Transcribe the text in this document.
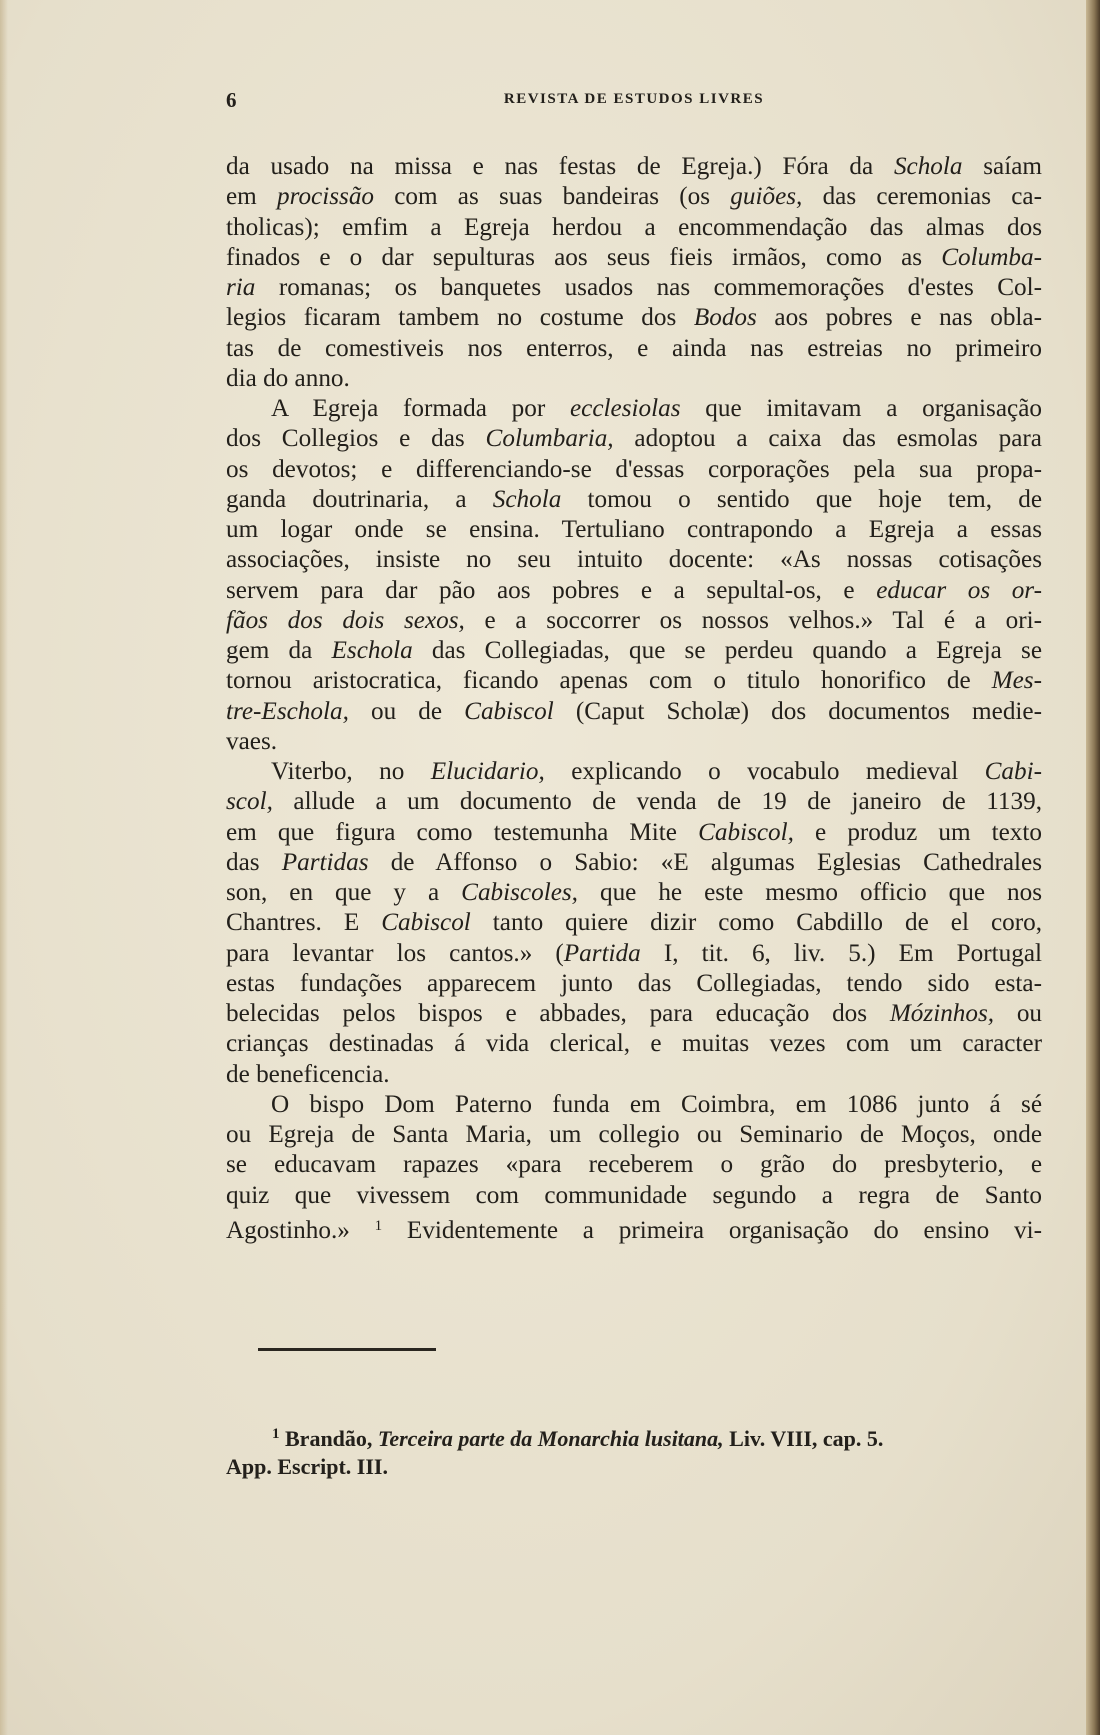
6	REVISTA DE ESTUDOS LIVRES
da usado na missa e nas festas de Egreja.) Fóra da Schola saíam
em procissão com as suas bandeiras (os guiões, das ceremonias ca-
tholicas); emfim a Egreja herdou a encommendação das almas dos
finados e o dar sepulturas aos seus fieis irmãos, como as Columba-
ria romanas; os banquetes usados nas commemorações d'estes Col-
legios ficaram tambem no costume dos Bodos aos pobres e nas obla-
tas de comestiveis nos enterros, e ainda nas estreias no primeiro
dia do anno.
A Egreja formada por ecclesiolas que imitavam a organisação
dos Collegios e das Columbaria, adoptou a caixa das esmolas para
os devotos; e differenciando-se d'essas corporações pela sua propa-
ganda doutrinaria, a Schola tomou o sentido que hoje tem, de
um logar onde se ensina. Tertuliano contrapondo a Egreja a essas
associações, insiste no seu intuito docente: «As nossas cotisações
servem para dar pão aos pobres e a sepultal-os, e educar os or-
fãos dos dois sexos, e a soccorrer os nossos velhos.» Tal é a ori-
gem da Eschola das Collegiadas, que se perdeu quando a Egreja se
tornou aristocratica, ficando apenas com o titulo honorifico de Mes-
tre-Eschola, ou de Cabiscol (Caput Scholæ) dos documentos medie-
vaes.
Viterbo, no Elucidario, explicando o vocabulo medieval Cabi-
scol, allude a um documento de venda de 19 de janeiro de 1139,
em que figura como testemunha Mite Cabiscol, e produz um texto
das Partidas de Affonso o Sabio: «E algumas Eglesias Cathedrales
son, en que y a Cabiscoles, que he este mesmo officio que nos
Chantres. E Cabiscol tanto quiere dizir como Cabdillo de el coro,
para levantar los cantos.» (Partida I, tit. 6, liv. 5.) Em Portugal
estas fundações apparecem junto das Collegiadas, tendo sido esta-
belecidas pelos bispos e abbades, para educação dos Mózinhos, ou
crianças destinadas á vida clerical, e muitas vezes com um caracter
de beneficencia.
O bispo Dom Paterno funda em Coimbra, em 1086 junto á sé
ou Egreja de Santa Maria, um collegio ou Seminario de Moços, onde
se educavam rapazes «para receberem o grão do presbyterio, e
quiz que vivessem com communidade segundo a regra de Santo
Agostinho.» $^1$ Evidentemente a primeira organisação do ensino vi-
$^1$ Brandão, Terceira parte da Monarchia lusitana, Liv. VIII, cap. 5.
App. Escript. III.
